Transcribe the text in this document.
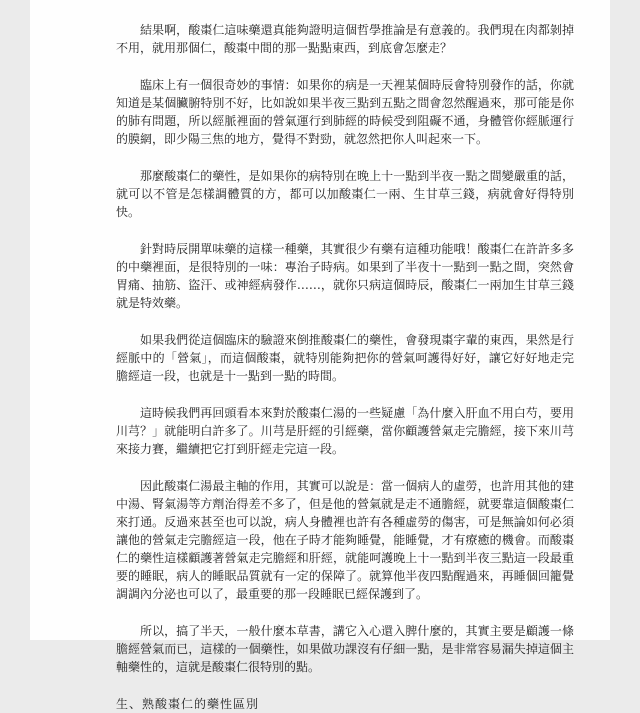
結果啊，酸棗仁這味藥還真能夠證明這個哲學推論是有意義的。我們現在肉都剝掉不用，就用那個仁，酸棗中間的那一點點東西，到底會怎麼走？

臨床上有一個很奇妙的事情：如果你的病是一天裡某個時辰會特別發作的話，你就知道是某個臟腑特別不好，比如說如果半夜三點到五點之間會忽然醒過來，那可能是你的肺有問題，所以經脈裡面的營氣運行到肺經的時候受到阻礙不通，身體管你經脈運行的膜網，即少陽三焦的地方，覺得不對勁，就忽然把你人叫起來一下。

那麼酸棗仁的藥性，是如果你的病特別在晚上十一點到半夜一點之間變嚴重的話，就可以不管是怎樣調體質的方，都可以加酸棗仁一兩、生甘草三錢，病就會好得特別快。

針對時辰開單味藥的這樣一種藥，其實很少有藥有這種功能哦！酸棗仁在許許多多的中藥裡面，是很特別的一味：專治子時病。如果到了半夜十一點到一點之間，突然會胃痛、抽筋、盜汗、或神經病發作……，就你只病這個時辰，酸棗仁一兩加生甘草三錢就是特效藥。

如果我們從這個臨床的驗證來倒推酸棗仁的藥性，會發現棗字輩的東西，果然是行經脈中的「營氣」，而這個酸棗，就特別能夠把你的營氣呵護得好好，讓它好好地走完膽經這一段，也就是十一點到一點的時間。

這時候我們再回頭看本來對於酸棗仁湯的一些疑慮「為什麼入肝血不用白芍，要用川芎？」就能明白許多了。川芎是肝經的引經藥，當你顧護營氣走完膽經，接下來川芎來接力賽，繼續把它打到肝經走完這一段。

因此酸棗仁湯最主軸的作用，其實可以說是：當一個病人的虛勞，也許用其他的建中湯、腎氣湯等方劑治得差不多了，但是他的營氣就是走不通膽經，就要靠這個酸棗仁來打通。反過來甚至也可以說，病人身體裡也許有各種虛勞的傷害，可是無論如何必須讓他的營氣走完膽經這一段，他在子時才能夠睡覺，能睡覺，才有療癒的機會。而酸棗仁的藥性這樣顧護著營氣走完膽經和肝經，就能呵護晚上十一點到半夜三點這一段最重要的睡眠，病人的睡眠品質就有一定的保障了。就算他半夜四點醒過來，再睡個回籠覺調調內分泌也可以了，最重要的那一段睡眠已經保護到了。

所以，搞了半天，一般什麼本草書，講它入心還入脾什麼的，其實主要是顧護一條膽經營氣而已，這樣的一個藥性，如果做功課沒有仔細一點，是非常容易漏失掉這個主軸藥性的，這就是酸棗仁很特別的點。

生、熟酸棗仁的藥性區別
